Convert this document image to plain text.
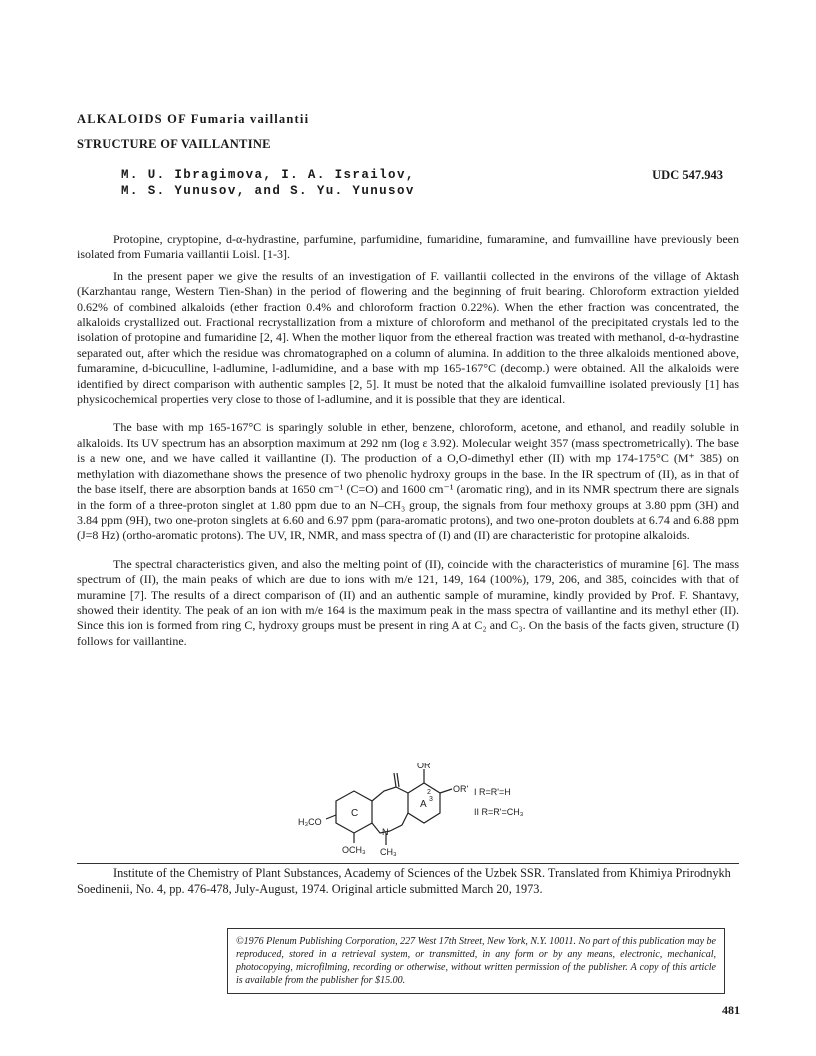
ALKALOIDS OF Fumaria vaillantii
STRUCTURE OF VAILLANTINE
M. U. Ibragimova, I. A. Israilov,
M. S. Yunusov, and S. Yu. Yunusov
UDC 547.943

Protopine, cryptopine, d-α-hydrastine, parfumine, parfumidine, fumaridine, fumaramine, and fumvailline have previously been isolated from Fumaria vaillantii Loisl. [1-3].

In the present paper we give the results of an investigation of F. vaillantii collected in the environs of the village of Aktash (Karzhantau range, Western Tien-Shan) in the period of flowering and the beginning of fruit bearing. Chloroform extraction yielded 0.62% of combined alkaloids (ether fraction 0.4% and chloroform fraction 0.22%). When the ether fraction was concentrated, the alkaloids crystallized out. Fractional recrystallization from a mixture of chloroform and methanol of the precipitated crystals led to the isolation of protopine and fumaridine [2, 4]. When the mother liquor from the ethereal fraction was treated with methanol, d-α-hydrastine separated out, after which the residue was chromatographed on a column of alumina. In addition to the three alkaloids mentioned above, fumaramine, d-bicuculline, l-adlumine, l-adlumidine, and a base with mp 165-167°C (decomp.) were obtained. All the alkaloids were identified by direct comparison with authentic samples [2, 5]. It must be noted that the alkaloid fumvailline isolated previously [1] has physicochemical properties very close to those of l-adlumine, and it is possible that they are identical.

The base with mp 165-167°C is sparingly soluble in ether, benzene, chloroform, acetone, and ethanol, and readily soluble in alkaloids. Its UV spectrum has an absorption maximum at 292 nm (log ε 3.92). Molecular weight 357 (mass spectrometrically). The base is a new one, and we have called it vaillantine (I). The production of a O,O-dimethyl ether (II) with mp 174-175°C (M⁺ 385) on methylation with diazomethane shows the presence of two phenolic hydroxy groups in the base. In the IR spectrum of (II), as in that of the base itself, there are absorption bands at 1650 cm⁻¹ (C=O) and 1600 cm⁻¹ (aromatic ring), and in its NMR spectrum there are signals in the form of a three-proton singlet at 1.80 ppm due to an N–CH₃ group, the signals from four methoxy groups at 3.80 ppm (3H) and 3.84 ppm (9H), two one-proton singlets at 6.60 and 6.97 ppm (para-aromatic protons), and two one-proton doublets at 6.74 and 6.88 ppm (J=8 Hz) (ortho-aromatic protons). The UV, IR, NMR, and mass spectra of (I) and (II) are characteristic for protopine alkaloids.

The spectral characteristics given, and also the melting point of (II), coincide with the characteristics of muramine [6]. The mass spectrum of (II), the main peaks of which are due to ions with m/e 121, 149, 164 (100%), 179, 206, and 385, coincides with that of muramine [7]. The results of a direct comparison of (II) and an authentic sample of muramine, kindly provided by Prof. F. Shantavy, showed their identity. The peak of an ion with m/e 164 is the maximum peak in the mass spectra of vaillantine and its methyl ether (II). Since this ion is formed from ring C, hydroxy groups must be present in ring A at C₂ and C₃. On the basis of the facts given, structure (I) follows for vaillantine.

OR
OR'
A
C
2
3
H₃CO
OCH₃
N
CH₃
I R=R'=H
II R=R'=CH₃
Institute of the Chemistry of Plant Substances, Academy of Sciences of the Uzbek SSR. Translated from Khimiya Prirodnykh Soedinenii, No. 4, pp. 476-478, July-August, 1974. Original article submitted March 20, 1973.
©1976 Plenum Publishing Corporation, 227 West 17th Street, New York, N.Y. 10011. No part of this publication may be reproduced, stored in a retrieval system, or transmitted, in any form or by any means, electronic, mechanical, photocopying, microfilming, recording or otherwise, without written permission of the publisher. A copy of this article is available from the publisher for $15.00.
481
